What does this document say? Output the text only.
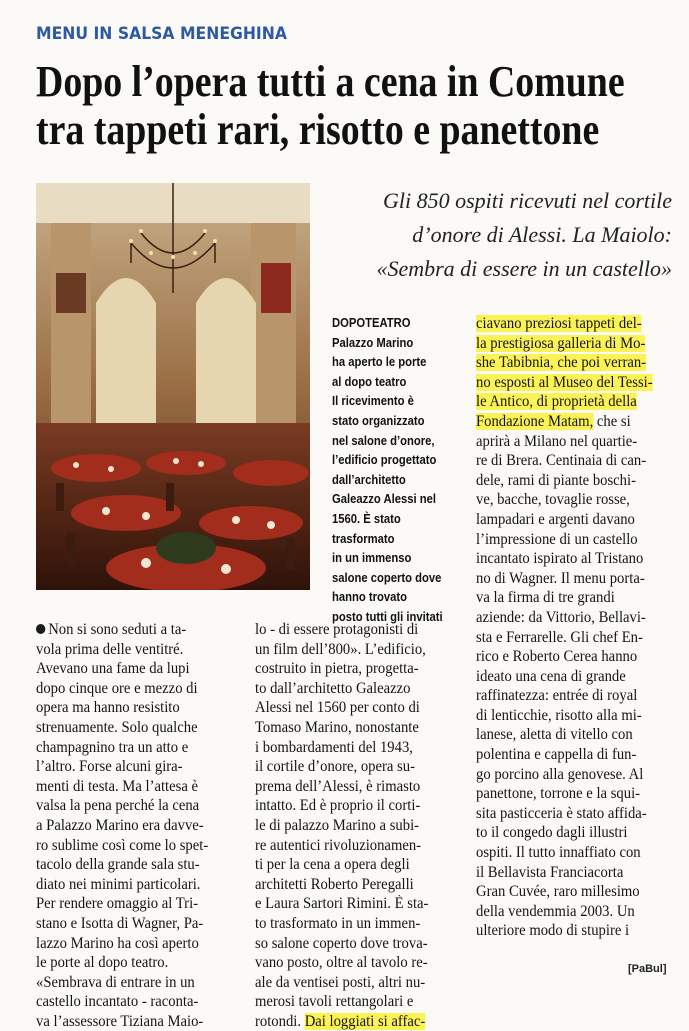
MENU IN SALSA MENEGHINA
Dopo l’opera tutti a cena in Comune
tra tappeti rari, risotto e panettone
Gli 850 ospiti ricevuti nel cortile
d’onore di Alessi. La Maiolo:
«Sembra di essere in un castello»
DOPOTEATRO
Palazzo Marino
ha aperto le porte
al dopo teatro
Il ricevimento è
stato organizzato
nel salone d’onore,
l’edificio progettato
dall’architetto
Galeazzo Alessi nel
1560. È stato
trasformato
in un immenso
salone coperto dove
hanno trovato
posto tutti gli invitati
Non si sono seduti a ta-
vola prima delle ventitré.
Avevano una fame da lupi
dopo cinque ore e mezzo di
opera ma hanno resistito
strenuamente. Solo qualche
champagnino tra un atto e
l’altro. Forse alcuni gira-
menti di testa. Ma l’attesa è
valsa la pena perché la cena
a Palazzo Marino era davve-
ro sublime così come lo spet-
tacolo della grande sala stu-
diato nei minimi particolari.
Per rendere omaggio al Tri-
stano e Isotta di Wagner, Pa-
lazzo Marino ha così aperto
le porte al dopo teatro.
«Sembrava di entrare in un
castello incantato - raconta-
va l’assessore Tiziana Maio-
lo - di essere protagonisti di
un film dell’800». L’edificio,
costruito in pietra, progetta-
to dall’architetto Galeazzo
Alessi nel 1560 per conto di
Tomaso Marino, nonostante
i bombardamenti del 1943,
il cortile d’onore, opera su-
prema dell’Alessi, è rimasto
intatto. Ed è proprio il corti-
le di palazzo Marino a subi-
re autentici rivoluzionamen-
ti per la cena a opera degli
architetti Roberto Peregalli
e Laura Sartori Rimini. È sta-
to trasformato in un immen-
so salone coperto dove trova-
vano posto, oltre al tavolo re-
ale da ventisei posti, altri nu-
merosi tavoli rettangolari e
rotondi. Dai loggiati si affac-
ciavano preziosi tappeti del-
la prestigiosa galleria di Mo-
she Tabibnia, che poi verran-
no esposti al Museo del Tessi-
le Antico, di proprietà della
Fondazione Matam, che si
aprirà a Milano nel quartie-
re di Brera. Centinaia di can-
dele, rami di piante boschi-
ve, bacche, tovaglie rosse,
lampadari e argenti davano
l’impressione di un castello
incantato ispirato al Tristano
no di Wagner. Il menu porta-
va la firma di tre grandi
aziende: da Vittorio, Bellavi-
sta e Ferrarelle. Gli chef En-
rico e Roberto Cerea hanno
ideato una cena di grande
raffinatezza: entrée di royal
di lenticchie, risotto alla mi-
lanese, aletta di vitello con
polentina e cappella di fun-
go porcino alla genovese. Al
panettone, torrone e la squi-
sita pasticceria è stato affida-
to il congedo dagli illustri
ospiti. Il tutto innaffiato con
il Bellavista Franciacorta
Gran Cuvée, raro millesimo
della vendemmia 2003. Un
ulteriore modo di stupire i
[PaBul]
